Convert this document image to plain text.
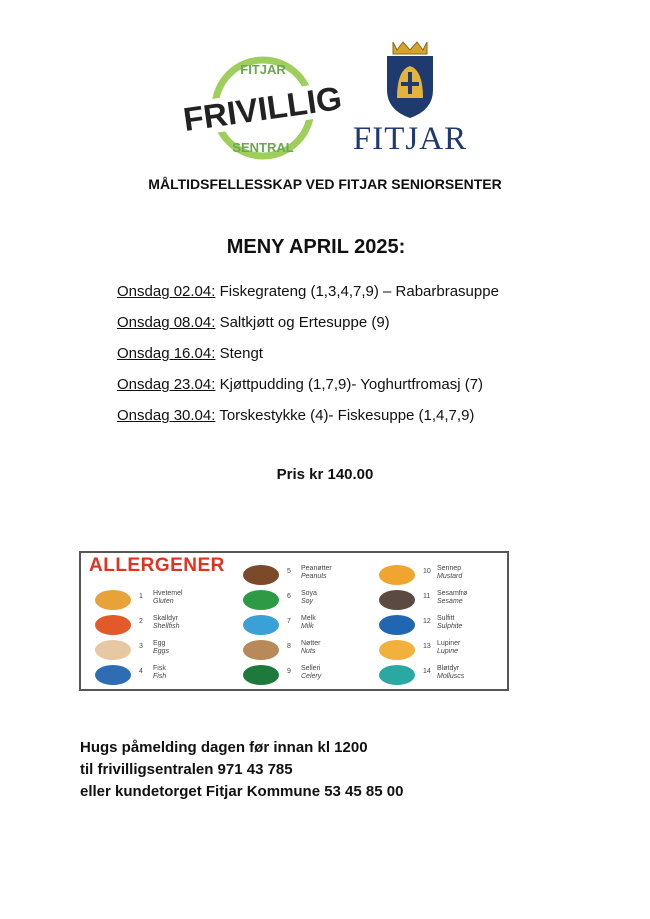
FITJAR
SENTRAL
FRIVILLIG
FITJAR
MÅLTIDSFELLESSKAP VED FITJAR SENIORSENTER
MENY APRIL 2025:
Onsdag 02.04: Fiskegrateng (1,3,4,7,9) – Rabarbrasuppe
Onsdag 08.04: Saltkjøtt og Ertesuppe (9)
Onsdag 16.04: Stengt
Onsdag 23.04: Kjøttpudding (1,7,9)- Yoghurtfromasj (7)
Onsdag 30.04: Torskestykke (4)- Fiskesuppe (1,4,7,9)
Pris kr 140.00
ALLERGENER
1 Hvetemel
Gluten
2 Skalldyr
Shellfish
3 Egg
Eggs
4 Fisk
Fish
5 Peanøtter
Peanuts
6 Soya
Soy
7 Melk
Milk
8 Nøtter
Nuts
9 Selleri
Celery
10 Sennep
Mustard
11 Sesamfrø
Sesame
12 Sulfitt
Sulphite
13 Lupiner
Lupine
14 Bløtdyr
Molluscs
Hugs påmelding dagen før innan kl 1200
til frivilligsentralen 971 43 785
eller kundetorget Fitjar Kommune 53 45 85 00
